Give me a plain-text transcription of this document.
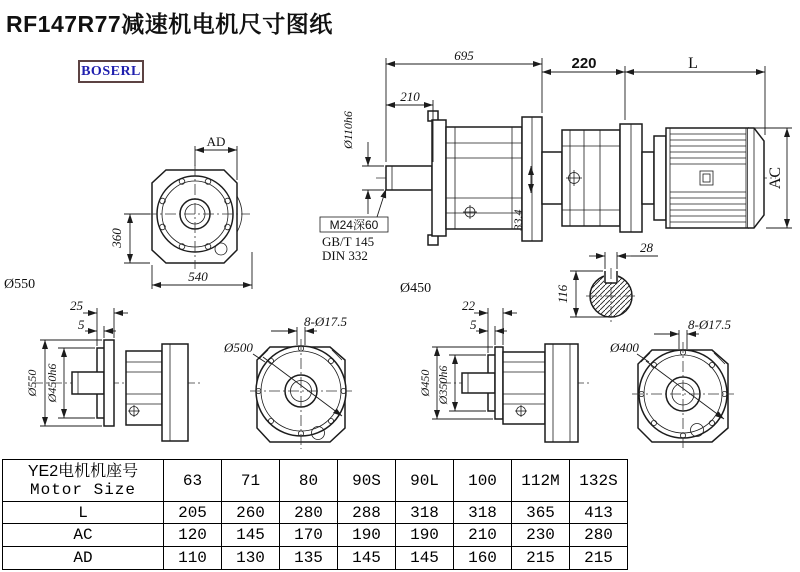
RF147R77减速机电机尺寸图纸
BOSERL
AD
360
540
Ø550
695
210
220	L
AC
Ø110h6
33.4
M24深60
GB/T 145
DIN 332
Ø450
28
116
25
5
Ø550 Ø450h6
8-Ø17.5
Ø500
22
5
Ø450 Ø350h6
8-Ø17.5
Ø400
YE2电机机座号
Motor Size	63	71	80	90S	90L	100	112M	132S
L	205	260	280	288	318	318	365	413
AC	120	145	170	190	190	210	230	280
AD	110	130	135	145	145	160	215	215
